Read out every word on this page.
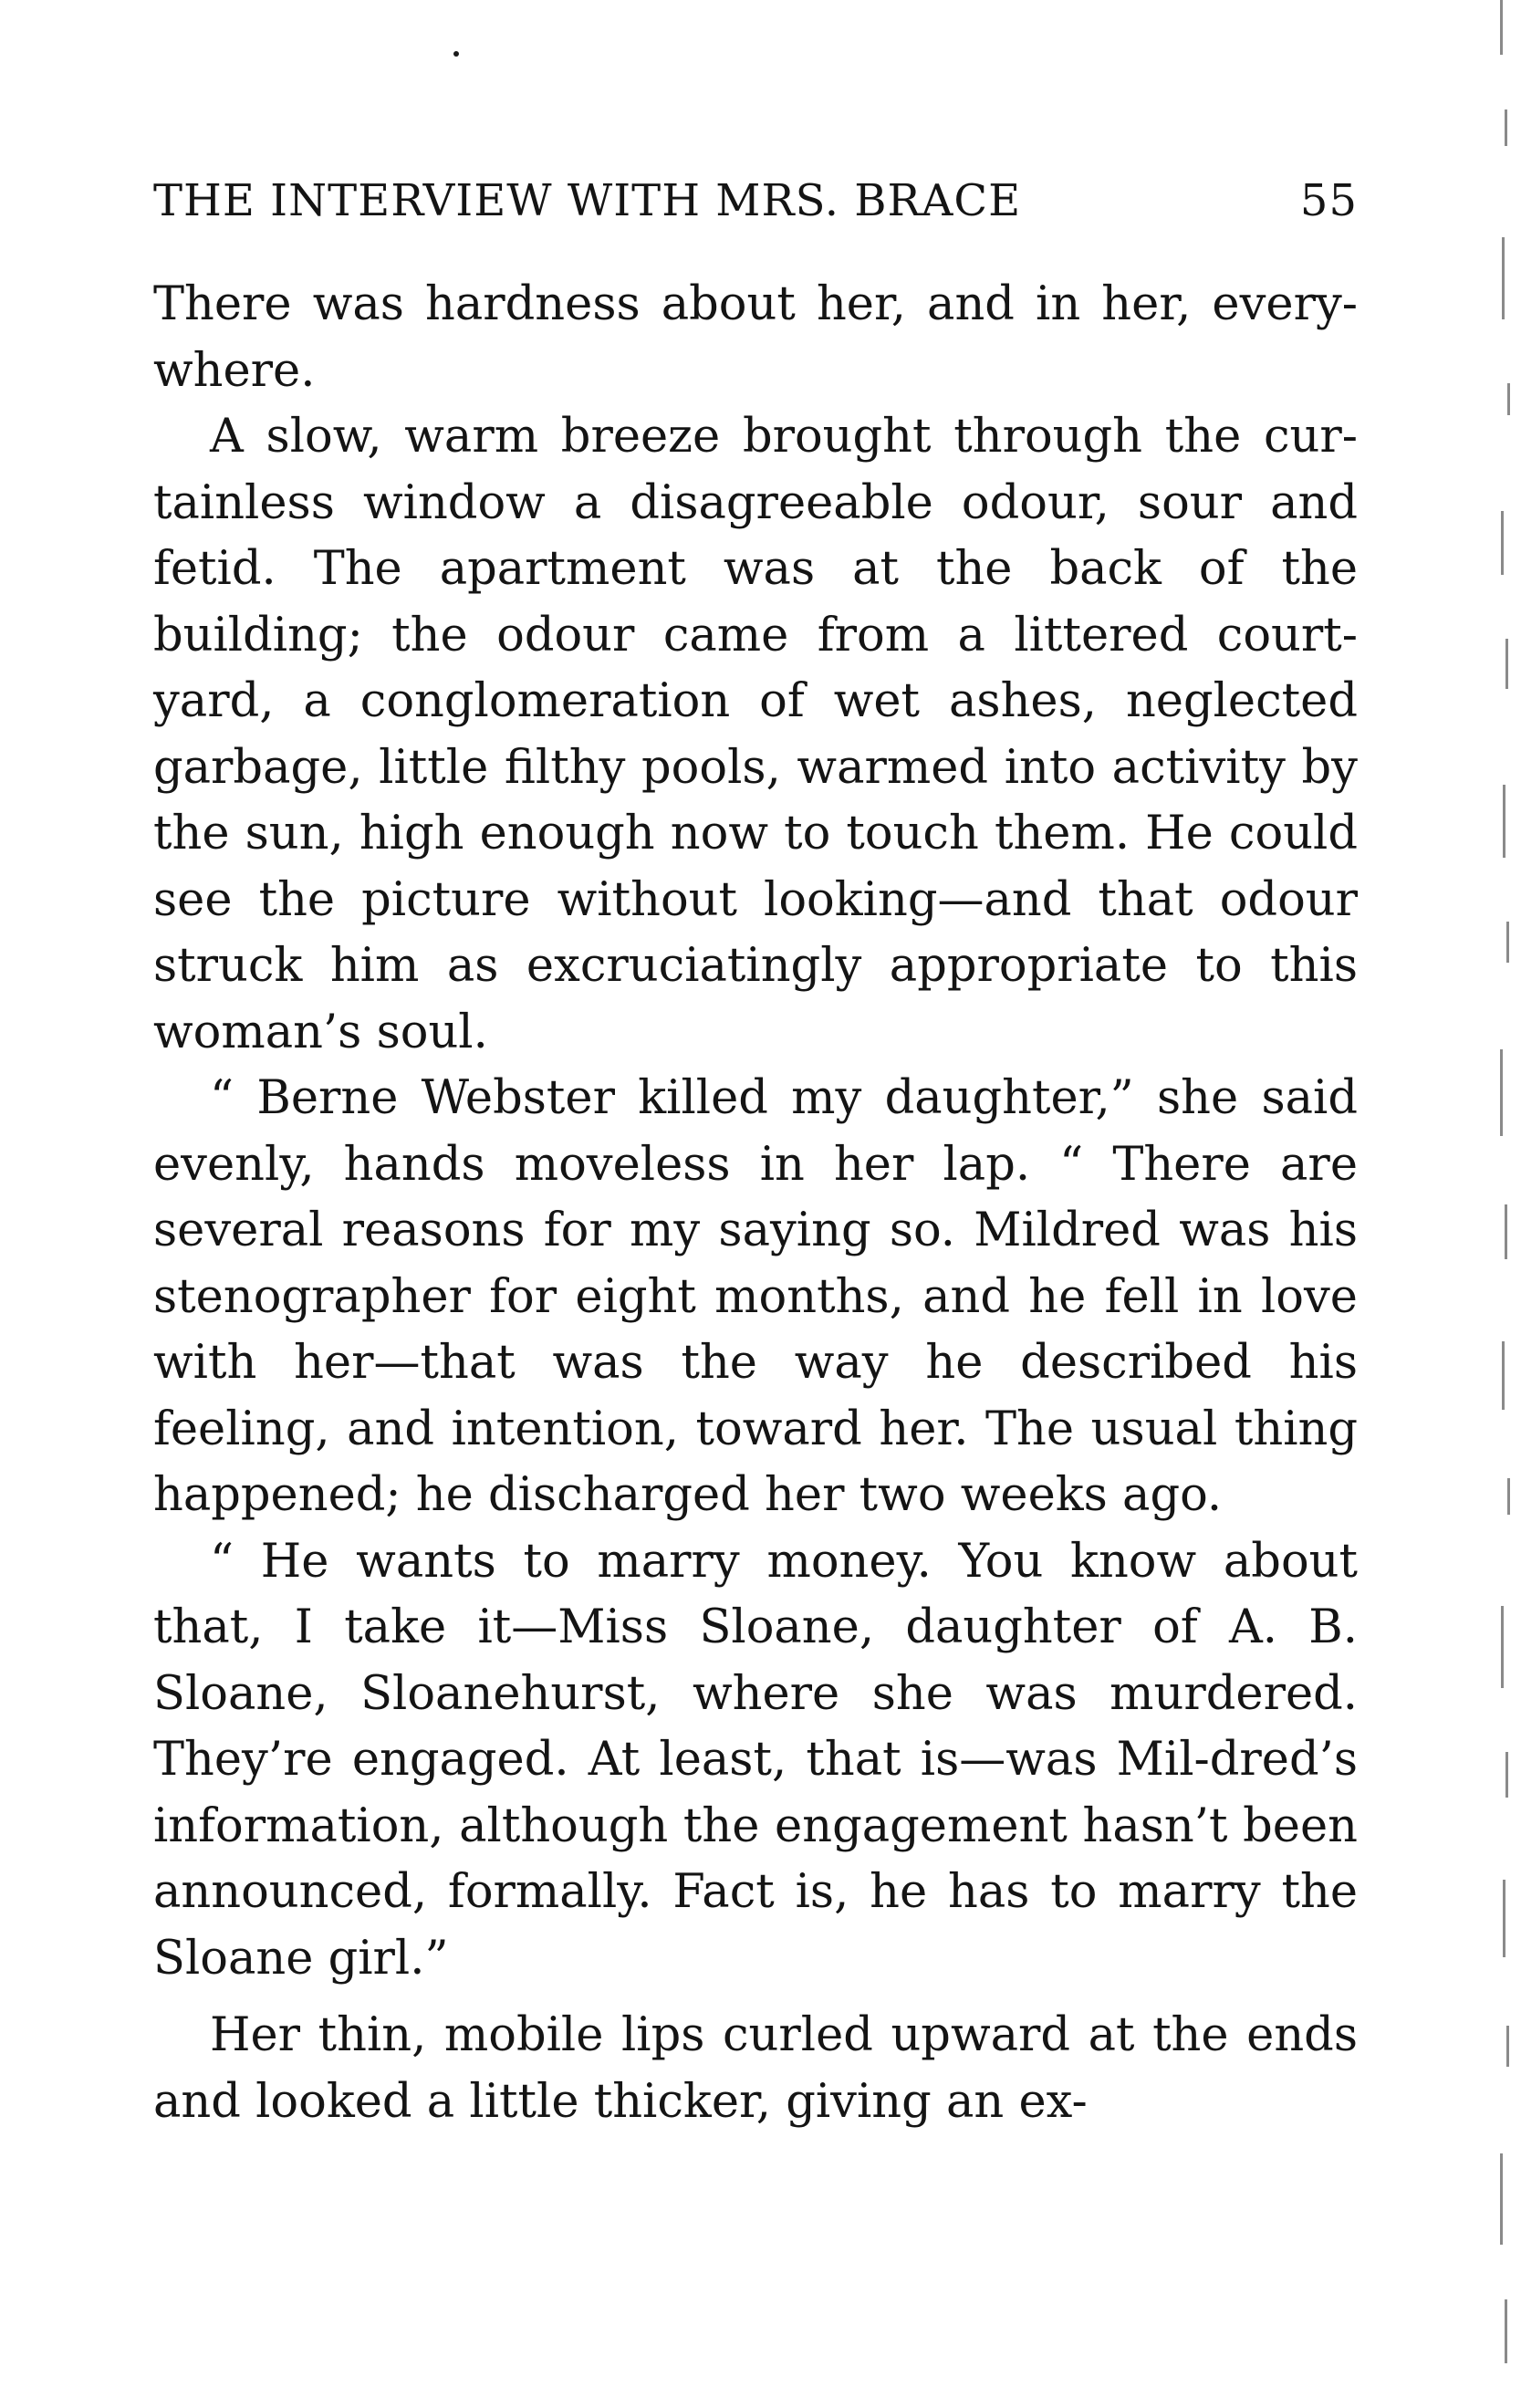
THE INTERVIEW WITH MRS. BRACE	55

There was hardness about her, and in her, every-where.

A slow, warm breeze brought through the cur-tainless window a disagreeable odour, sour and fetid. The apartment was at the back of the building; the odour came from a littered court-yard, a conglomeration of wet ashes, neglected garbage, little filthy pools, warmed into activity by the sun, high enough now to touch them. He could see the picture without looking—and that odour struck him as excruciatingly appropriate to this woman’s soul.

“ Berne Webster killed my daughter,” she said evenly, hands moveless in her lap. “ There are several reasons for my saying so. Mildred was his stenographer for eight months, and he fell in love with her—that was the way he described his feeling, and intention, toward her. The usual thing happened; he discharged her two weeks ago.

“ He wants to marry money. You know about that, I take it—Miss Sloane, daughter of A. B. Sloane, Sloanehurst, where she was murdered. They’re engaged. At least, that is—was Mil-dred’s information, although the engagement hasn’t been announced, formally. Fact is, he has to marry the Sloane girl.”

Her thin, mobile lips curled upward at the ends and looked a little thicker, giving an ex-
